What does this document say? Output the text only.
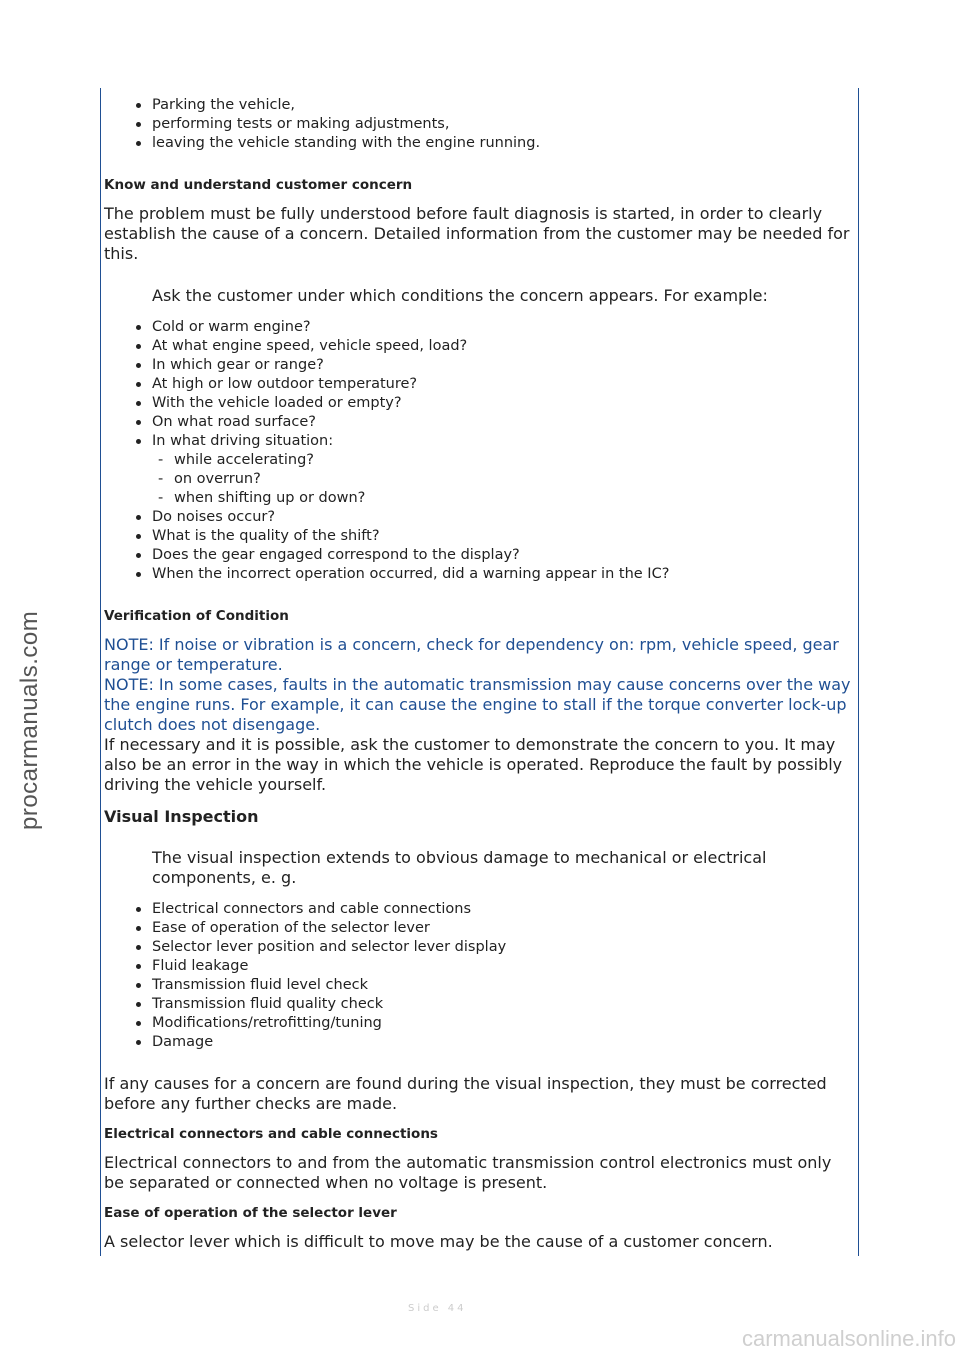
procarmanuals.com
Parking the vehicle,
performing tests or making adjustments,
leaving the vehicle standing with the engine running.

Know and understand customer concern

The problem must be fully understood before fault diagnosis is started, in order to clearly establish the cause of a concern. Detailed information from the customer may be needed for this.

Ask the customer under which conditions the concern appears. For example:

Cold or warm engine?
At what engine speed, vehicle speed, load?
In which gear or range?
At high or low outdoor temperature?
With the vehicle loaded or empty?
On what road surface?
In what driving situation:
- while accelerating?
- on overrun?
- when shifting up or down?
Do noises occur?
What is the quality of the shift?
Does the gear engaged correspond to the display?
When the incorrect operation occurred, did a warning appear in the IC?

Verification of Condition

NOTE: If noise or vibration is a concern, check for dependency on: rpm, vehicle speed, gear range or temperature.

NOTE: In some cases, faults in the automatic transmission may cause concerns over the way the engine runs. For example, it can cause the engine to stall if the torque converter lock-up clutch does not disengage.

If necessary and it is possible, ask the customer to demonstrate the concern to you. It may also be an error in the way in which the vehicle is operated. Reproduce the fault by possibly driving the vehicle yourself.

Visual Inspection

The visual inspection extends to obvious damage to mechanical or electrical components, e. g.

Electrical connectors and cable connections
Ease of operation of the selector lever
Selector lever position and selector lever display
Fluid leakage
Transmission fluid level check
Transmission fluid quality check
Modifications/retrofitting/tuning
Damage

If any causes for a concern are found during the visual inspection, they must be corrected before any further checks are made.

Electrical connectors and cable connections

Electrical connectors to and from the automatic transmission control electronics must only be separated or connected when no voltage is present.

Ease of operation of the selector lever

A selector lever which is difficult to move may be the cause of a customer concern.

Side 44
carmanualsonline.info
